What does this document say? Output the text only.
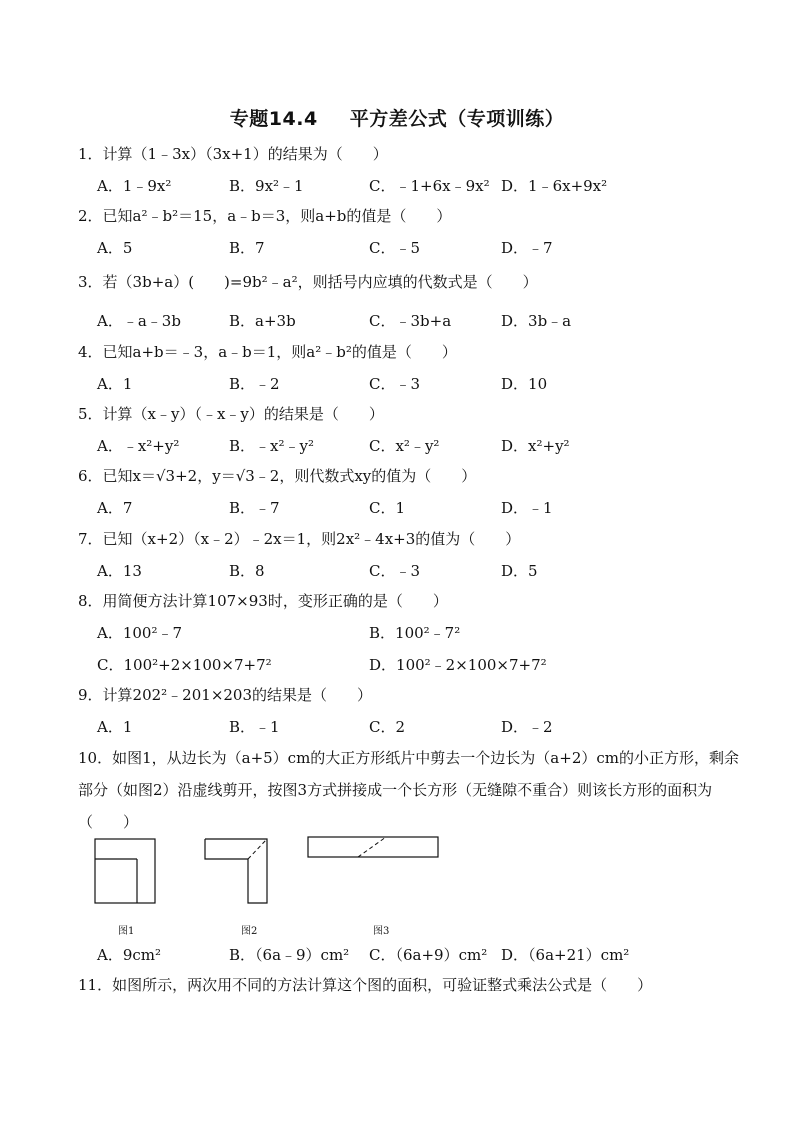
专题14.4 平方差公式（专项训练）
1．计算（1﹣3x）（3x+1）的结果为（　　）
A．1﹣9x²	B．9x²﹣1	C．﹣1+6x﹣9x² D．1﹣6x+9x²
2．已知a²﹣b²＝15，a﹣b＝3，则a+b的值是（　　）
A．5	B．7	C．﹣5	D．﹣7
3．若（3b+a）(　　)=9b²﹣a²，则括号内应填的代数式是（　　）
A．﹣a﹣3b	B．a+3b	C．﹣3b+a	D．3b﹣a
4．已知a+b＝﹣3，a﹣b＝1，则a²﹣b²的值是（　　）
A．1	B．﹣2	C．﹣3	D．10
5．计算（x﹣y）（﹣x﹣y）的结果是（　　）
A．﹣x²+y²	B．﹣x²﹣y²	C．x²﹣y²	D．x²+y²
6．已知x＝√3+2，y＝√3﹣2，则代数式xy的值为（　　）
A．7	B．﹣7	C．1	D．﹣1
7．已知（x+2）（x﹣2）﹣2x＝1，则2x²﹣4x+3的值为（　　）
A．13	B．8	C．﹣3	D．5
8．用简便方法计算107×93时，变形正确的是（　　）
A．100²﹣7	B．100²﹣7²
C．100²+2×100×7+7²	D．100²﹣2×100×7+7²
9．计算202²﹣201×203的结果是（　　）
A．1	B．﹣1	C．2	D．﹣2
10．如图1，从边长为（a+5）cm的大正方形纸片中剪去一个边长为（a+2）cm的小正方形，剩余部分（如图2）沿虚线剪开，按图3方式拼接成一个长方形（无缝隙不重合）则该长方形的面积为（　　）
图1	图2	图3
A．9cm²	B．（6a﹣9）cm² C．（6a+9）cm² D．（6a+21）cm²
11．如图所示，两次用不同的方法计算这个图的面积，可验证整式乘法公式是（　　）
